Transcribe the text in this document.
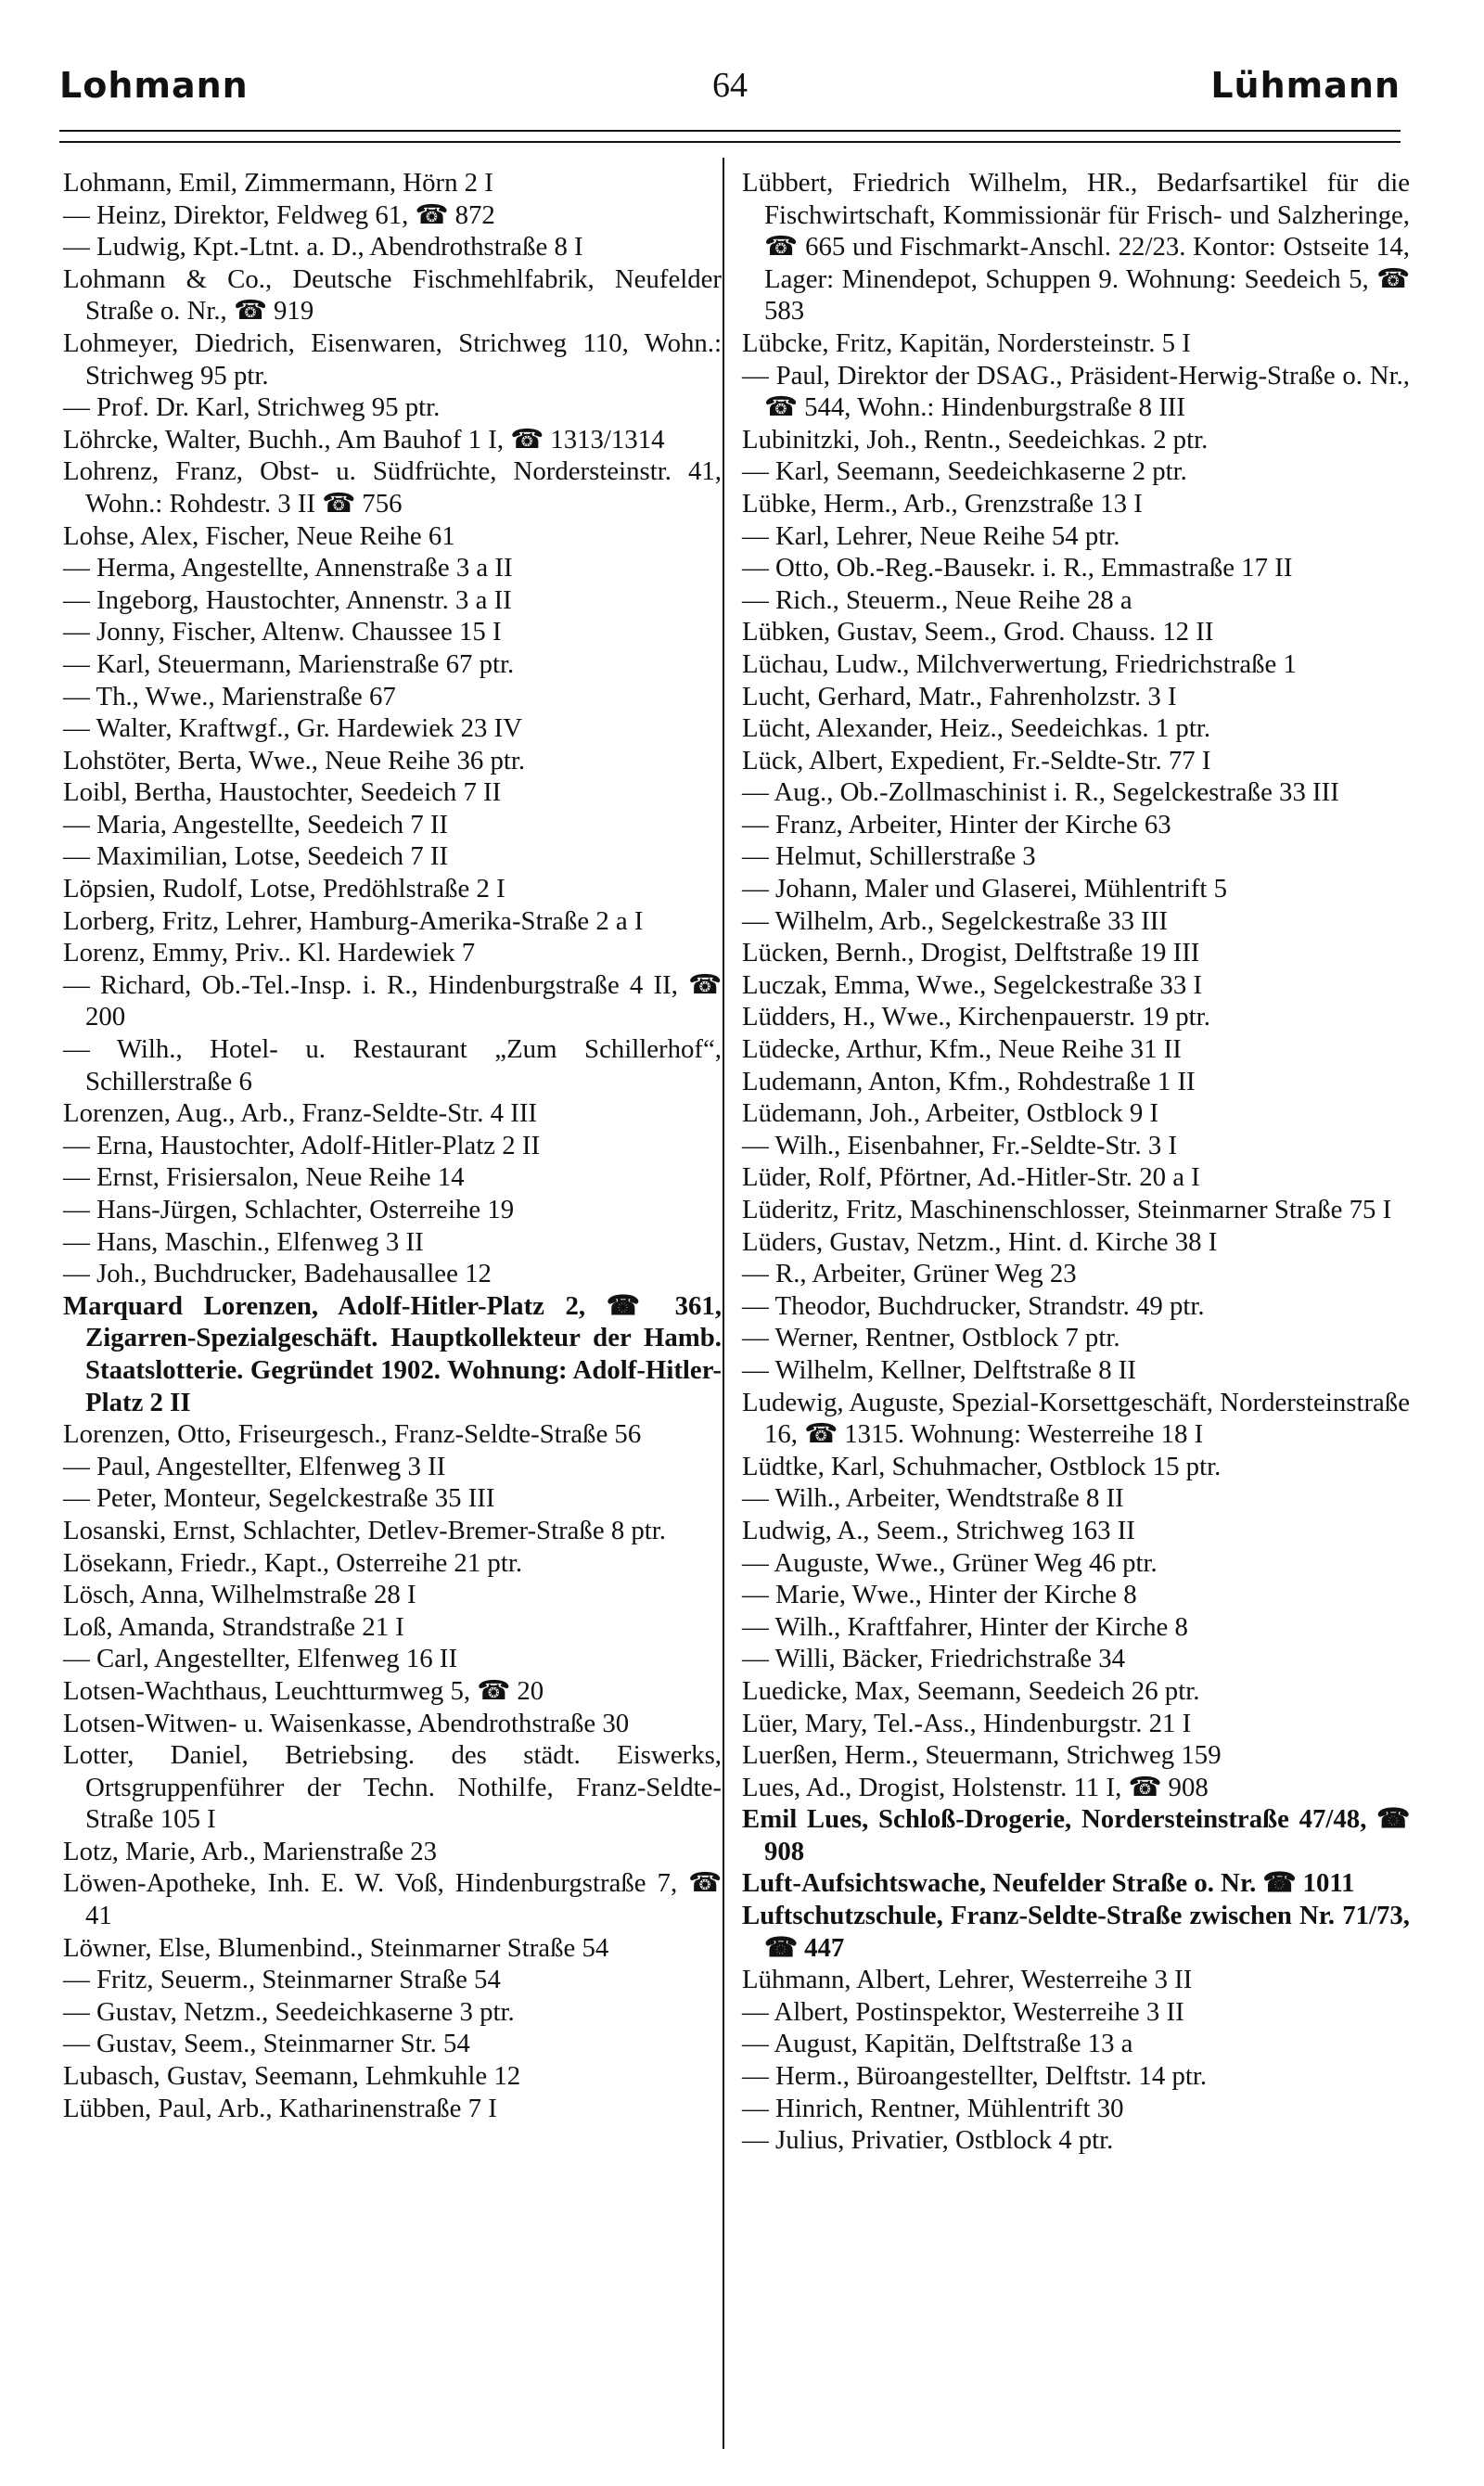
Lohmann	64	Lühmann

Lohmann, Emil, Zimmermann, Hörn 2 I

— Heinz, Direktor, Feldweg 61, ☎ 872

— Ludwig, Kpt.-Ltnt. a. D., Abendrothstraße 8 I

Lohmann & Co., Deutsche Fischmehlfabrik, Neufelder Straße o. Nr., ☎ 919

Lohmeyer, Diedrich, Eisenwaren, Strichweg 110, Wohn.: Strichweg 95 ptr.

— Prof. Dr. Karl, Strichweg 95 ptr.

Löhrcke, Walter, Buchh., Am Bauhof 1 I, ☎ 1313/1314

Lohrenz, Franz, Obst- u. Südfrüchte, Nordersteinstr. 41, Wohn.: Rohdestr. 3 II ☎ 756

Lohse, Alex, Fischer, Neue Reihe 61

— Herma, Angestellte, Annenstraße 3 a II

— Ingeborg, Haustochter, Annenstr. 3 a II

— Jonny, Fischer, Altenw. Chaussee 15 I

— Karl, Steuermann, Marienstraße 67 ptr.

— Th., Wwe., Marienstraße 67

— Walter, Kraftwgf., Gr. Hardewiek 23 IV

Lohstöter, Berta, Wwe., Neue Reihe 36 ptr.

Loibl, Bertha, Haustochter, Seedeich 7 II

— Maria, Angestellte, Seedeich 7 II

— Maximilian, Lotse, Seedeich 7 II

Löpsien, Rudolf, Lotse, Predöhlstraße 2 I

Lorberg, Fritz, Lehrer, Hamburg-Amerika-Straße 2 a I

Lorenz, Emmy, Priv.. Kl. Hardewiek 7

— Richard, Ob.-Tel.-Insp. i. R., Hindenburgstraße 4 II, ☎ 200

— Wilh., Hotel- u. Restaurant „Zum Schillerhof“, Schillerstraße 6

Lorenzen, Aug., Arb., Franz-Seldte-Str. 4 III

— Erna, Haustochter, Adolf-Hitler-Platz 2 II

— Ernst, Frisiersalon, Neue Reihe 14

— Hans-Jürgen, Schlachter, Osterreihe 19

— Hans, Maschin., Elfenweg 3 II

— Joh., Buchdrucker, Badehausallee 12

Marquard Lorenzen, Adolf-Hitler-Platz 2, ☎ 361, Zigarren-Spezialgeschäft. Hauptkollekteur der Hamb. Staatslotterie. Gegründet 1902. Wohnung: Adolf-Hitler-Platz 2 II

Lorenzen, Otto, Friseurgesch., Franz-Seldte-Straße 56

— Paul, Angestellter, Elfenweg 3 II

— Peter, Monteur, Segelckestraße 35 III

Losanski, Ernst, Schlachter, Detlev-Bremer-Straße 8 ptr.

Lösekann, Friedr., Kapt., Osterreihe 21 ptr.

Lösch, Anna, Wilhelmstraße 28 I

Loß, Amanda, Strandstraße 21 I

— Carl, Angestellter, Elfenweg 16 II

Lotsen-Wachthaus, Leuchtturmweg 5, ☎ 20

Lotsen-Witwen- u. Waisenkasse, Abendrothstraße 30

Lotter, Daniel, Betriebsing. des städt. Eiswerks, Ortsgruppenführer der Techn. Nothilfe, Franz-Seldte-Straße 105 I

Lotz, Marie, Arb., Marienstraße 23

Löwen-Apotheke, Inh. E. W. Voß, Hindenburgstraße 7, ☎ 41

Löwner, Else, Blumenbind., Steinmarner Straße 54

— Fritz, Seuerm., Steinmarner Straße 54

— Gustav, Netzm., Seedeichkaserne 3 ptr.

— Gustav, Seem., Steinmarner Str. 54

Lubasch, Gustav, Seemann, Lehmkuhle 12

Lübben, Paul, Arb., Katharinenstraße 7 I

Lübbert, Friedrich Wilhelm, HR., Bedarfsartikel für die Fischwirtschaft, Kommissionär für Frisch- und Salzheringe, ☎ 665 und Fischmarkt-Anschl. 22/23. Kontor: Ostseite 14, Lager: Minendepot, Schuppen 9. Wohnung: Seedeich 5, ☎ 583

Lübcke, Fritz, Kapitän, Nordersteinstr. 5 I

— Paul, Direktor der DSAG., Präsident-Herwig-Straße o. Nr., ☎ 544, Wohn.: Hindenburgstraße 8 III

Lubinitzki, Joh., Rentn., Seedeichkas. 2 ptr.

— Karl, Seemann, Seedeichkaserne 2 ptr.

Lübke, Herm., Arb., Grenzstraße 13 I

— Karl, Lehrer, Neue Reihe 54 ptr.

— Otto, Ob.-Reg.-Bausekr. i. R., Emmastraße 17 II

— Rich., Steuerm., Neue Reihe 28 a

Lübken, Gustav, Seem., Grod. Chauss. 12 II

Lüchau, Ludw., Milchverwertung, Friedrichstraße 1

Lucht, Gerhard, Matr., Fahrenholzstr. 3 I

Lücht, Alexander, Heiz., Seedeichkas. 1 ptr.

Lück, Albert, Expedient, Fr.-Seldte-Str. 77 I

— Aug., Ob.-Zollmaschinist i. R., Segelckestraße 33 III

— Franz, Arbeiter, Hinter der Kirche 63

— Helmut, Schillerstraße 3

— Johann, Maler und Glaserei, Mühlentrift 5

— Wilhelm, Arb., Segelckestraße 33 III

Lücken, Bernh., Drogist, Delftstraße 19 III

Luczak, Emma, Wwe., Segelckestraße 33 I

Lüdders, H., Wwe., Kirchenpauerstr. 19 ptr.

Lüdecke, Arthur, Kfm., Neue Reihe 31 II

Ludemann, Anton, Kfm., Rohdestraße 1 II

Lüdemann, Joh., Arbeiter, Ostblock 9 I

— Wilh., Eisenbahner, Fr.-Seldte-Str. 3 I

Lüder, Rolf, Pförtner, Ad.-Hitler-Str. 20 a I

Lüderitz, Fritz, Maschinenschlosser, Steinmarner Straße 75 I

Lüders, Gustav, Netzm., Hint. d. Kirche 38 I

— R., Arbeiter, Grüner Weg 23

— Theodor, Buchdrucker, Strandstr. 49 ptr.

— Werner, Rentner, Ostblock 7 ptr.

— Wilhelm, Kellner, Delftstraße 8 II

Ludewig, Auguste, Spezial-Korsettgeschäft, Nordersteinstraße 16, ☎ 1315. Wohnung: Westerreihe 18 I

Lüdtke, Karl, Schuhmacher, Ostblock 15 ptr.

— Wilh., Arbeiter, Wendtstraße 8 II

Ludwig, A., Seem., Strichweg 163 II

— Auguste, Wwe., Grüner Weg 46 ptr.

— Marie, Wwe., Hinter der Kirche 8

— Wilh., Kraftfahrer, Hinter der Kirche 8

— Willi, Bäcker, Friedrichstraße 34

Luedicke, Max, Seemann, Seedeich 26 ptr.

Lüer, Mary, Tel.-Ass., Hindenburgstr. 21 I

Luerßen, Herm., Steuermann, Strichweg 159

Lues, Ad., Drogist, Holstenstr. 11 I, ☎ 908

Emil Lues, Schloß-Drogerie, Nordersteinstraße 47/48, ☎ 908

Luft-Aufsichtswache, Neufelder Straße o. Nr. ☎ 1011

Luftschutzschule, Franz-Seldte-Straße zwischen Nr. 71/73, ☎ 447

Lühmann, Albert, Lehrer, Westerreihe 3 II

— Albert, Postinspektor, Westerreihe 3 II

— August, Kapitän, Delftstraße 13 a

— Herm., Büroangestellter, Delftstr. 14 ptr.

— Hinrich, Rentner, Mühlentrift 30

— Julius, Privatier, Ostblock 4 ptr.
